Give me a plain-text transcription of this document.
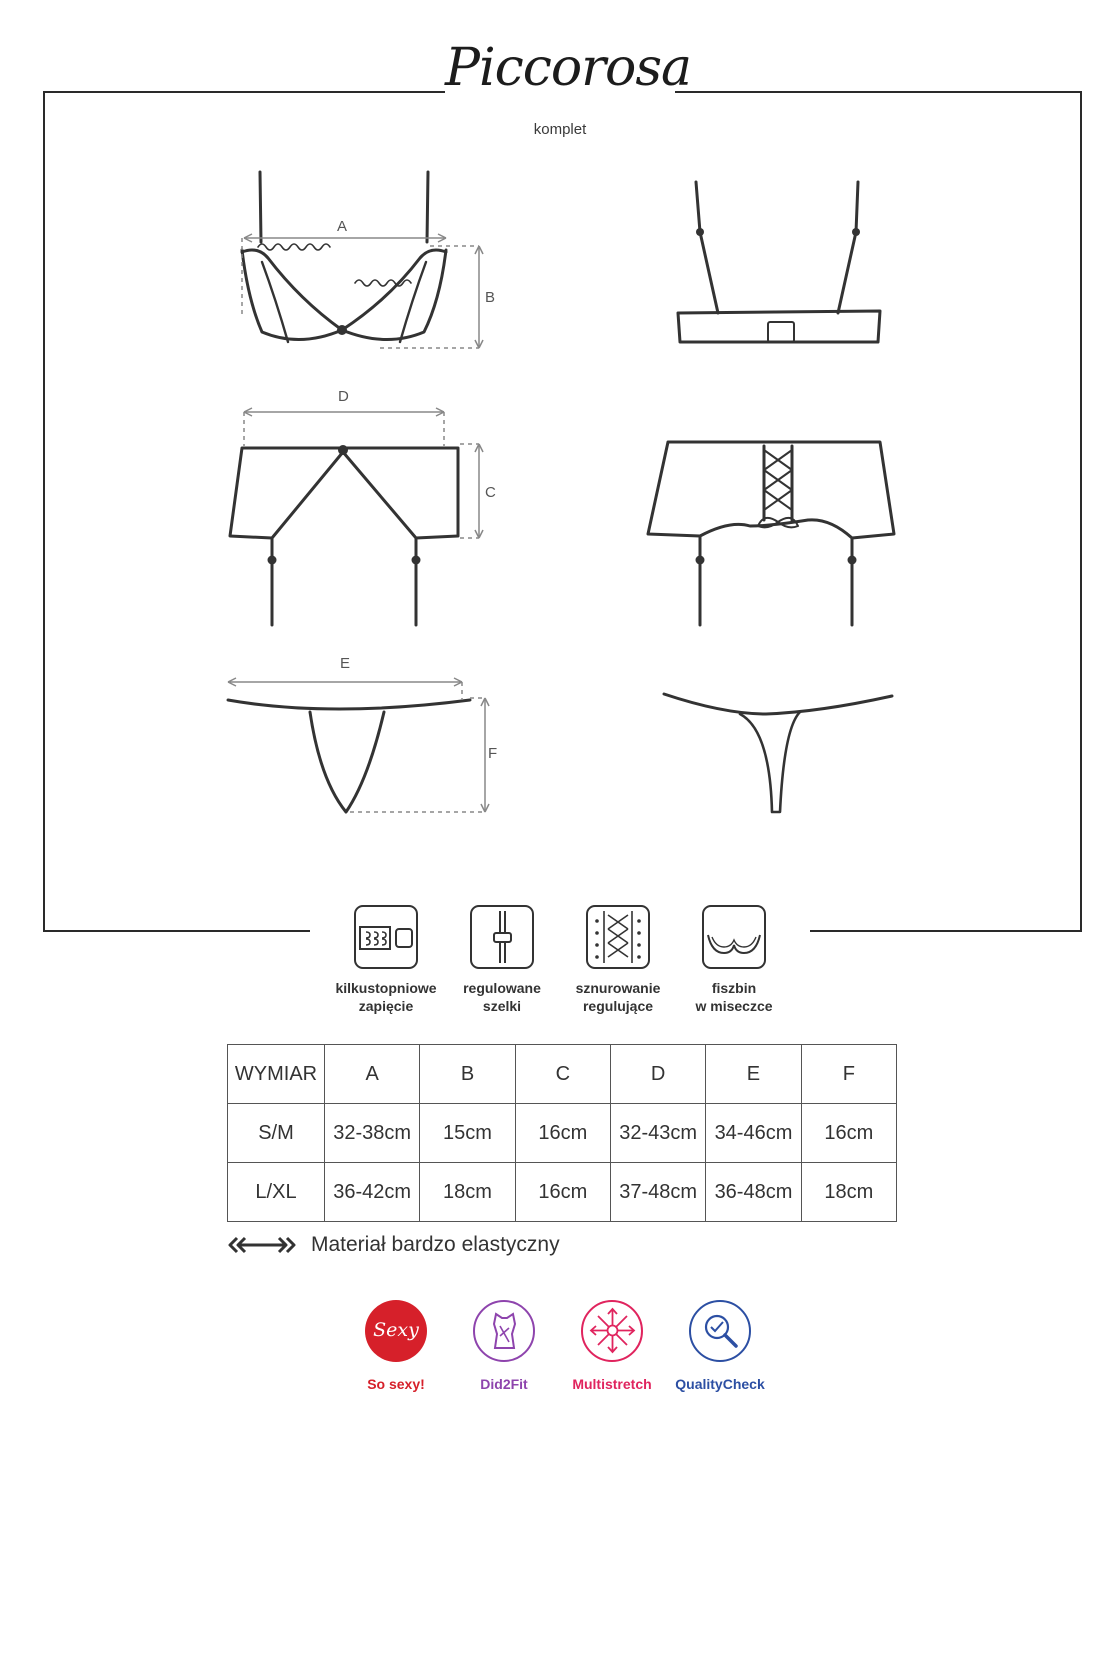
Piccorosa
komplet
A
B
D
C
E
F
kilkustopniowe
zapięcie
regulowane
szelki
sznurowanie
regulujące
fiszbin
w miseczce
WYMIAR	A	B	C	D	E	F
S/M	32-38cm	15cm	16cm	32-43cm	34-46cm	16cm
L/XL	36-42cm	18cm	16cm	37-48cm	36-48cm	18cm
Materiał bardzo elastyczny
Sexy
So sexy!	Did2Fit	Multistretch	QualityCheck
